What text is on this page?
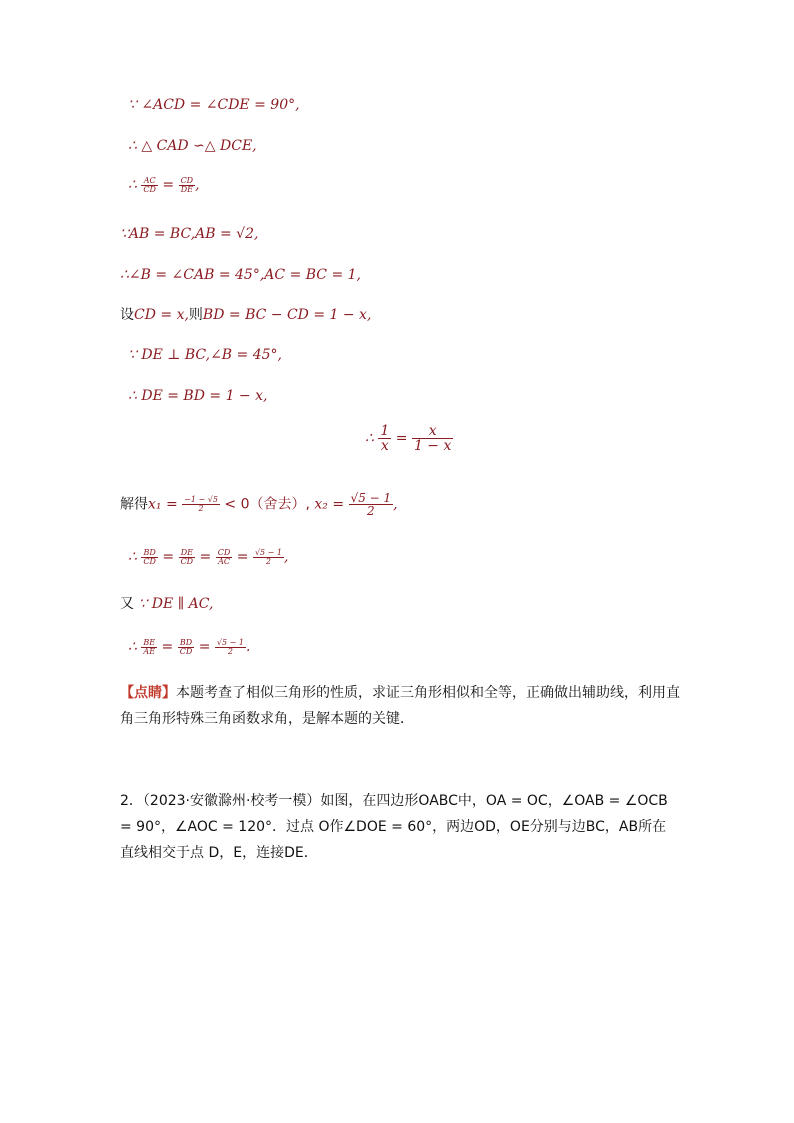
∵ ∠ACD = ∠CDE = 90°,
∴ △ CAD ∽△ DCE,
∴ $\frac{AC}{CD} = \frac{CD}{DE}$ ,
∵AB = BC,AB = √2,
∴∠B = ∠CAB = 45°,AC = BC = 1,
设CD = x,则BD = BC − CD = 1 − x,
∵ DE ⊥ BC,∠B = 45°,
∴ DE = BD = 1 − x,
∴ $\frac{1}{x} = \frac{x}{1 - x}$
解得$x_1 = \frac{-1 - √5}{2} < 0$（舍去）, $x_2 = \frac{√5 - 1}{2}$ ,
∴ $\frac{BD}{CD} = \frac{DE}{CD} = \frac{CD}{AC} = \frac{√5 - 1}{2}$ ,
又 ∵ DE ∥ AC,
∴ $\frac{BE}{AE} = \frac{BD}{CD} = \frac{√5 - 1}{2}$ .
【点睛】本题考查了相似三角形的性质，求证三角形相似和全等，正确做出辅助线，利用直角三角形特殊三角函数求角，是解本题的关键．
2．（2023·安徽滁州·校考一模）如图，在四边形OABC中，OA = OC，∠OAB = ∠OCB = 90°，∠AOC = 120°．过点 O作∠DOE = 60°，两边OD，OE分别与边BC，AB所在直线相交于点 D，E，连接DE．
